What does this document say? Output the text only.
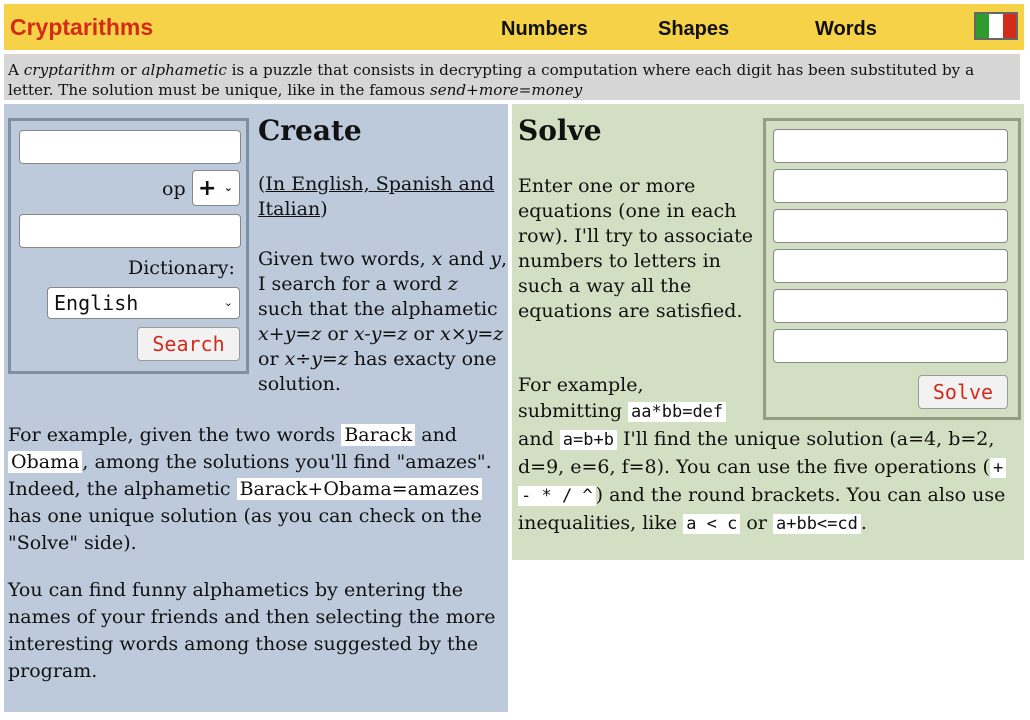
Cryptarithms	Numbers	Shapes	Words
A cryptarithm or alphametic is a puzzle that consists in decrypting a computation where each digit has been substituted by a letter. The solution must be unique, like in the famous send+more=money
op + ⌄
Dictionary:
English	⌄
Search
Create
(In English, Spanish and Italian)
Given two words, x and y, I search for a word z such that the alphametic x+y=z or x-y=z or x×y=z or x÷y=z has exacty one solution.
For example, given the two words Barack and Obama , among the solutions you'll find "amazes". Indeed, the alphametic Barack+Obama=amazes has one unique solution (as you can check on the "Solve" side).
You can find funny alphametics by entering the names of your friends and then selecting the more interesting words among those suggested by the program.
Solve
Solve
Enter one or more equations (one in each row). I'll try to associate numbers to letters in such a way all the equations are satisfied.
For example,
submitting aa*bb=def
and a=b+b I'll find the unique solution (a=4, b=2, d=9, e=6, f=8). You can use the five operations ( + - * / ^ ) and the round brackets. You can also use inequalities, like a < c or a+bb<=cd .
